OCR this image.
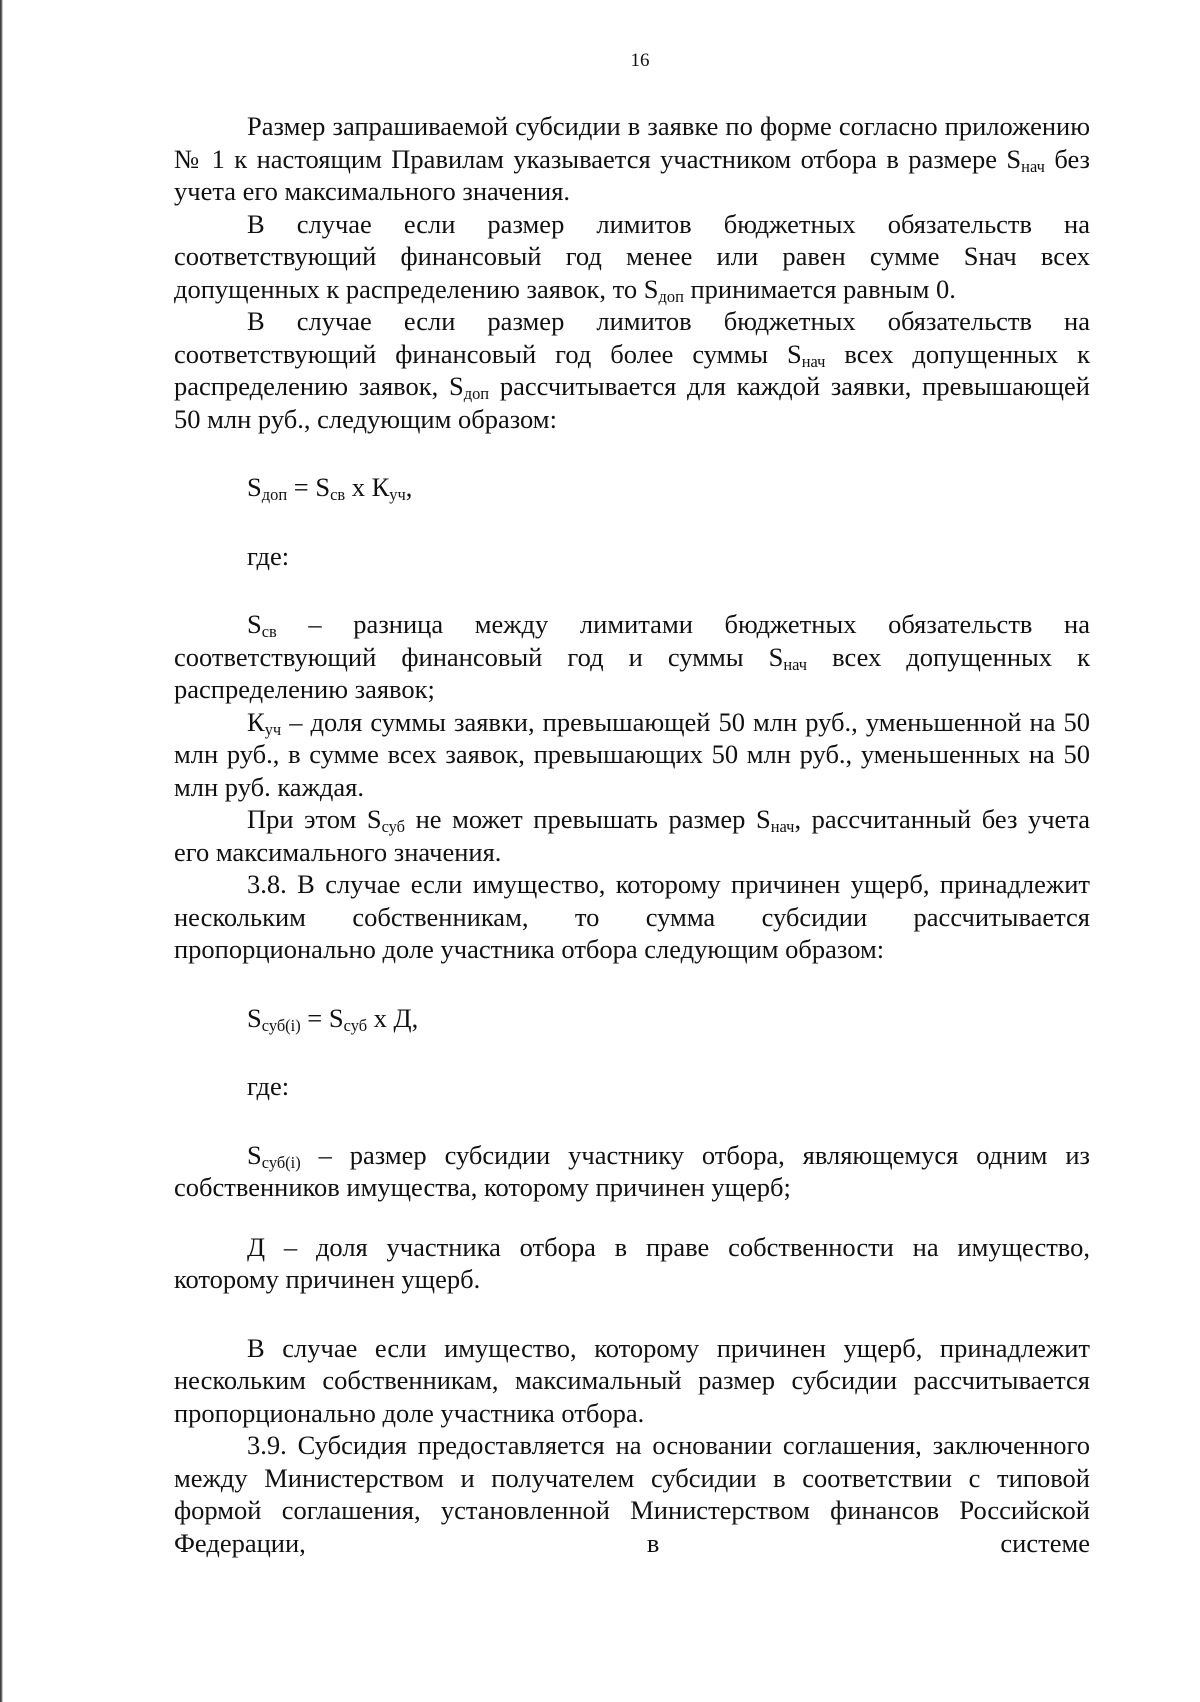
16

Размер запрашиваемой субсидии в заявке по форме согласно приложению № 1 к настоящим Правилам указывается участником отбора в размере $S_{нач}$ без учета его максимального значения.

В случае если размер лимитов бюджетных обязательств на соответствующий финансовый год менее или равен сумме Sнач всех допущенных к распределению заявок, то $S_{доп}$ принимается равным 0.

В случае если размер лимитов бюджетных обязательств на соответствующий финансовый год более суммы $S_{нач}$ всех допущенных к распределению заявок, $S_{доп}$ рассчитывается для каждой заявки, превышающей 50 млн руб., следующим образом:

$S_{доп} = S_{св}$ x $К_{уч}$,

где:

$S_{св}$ – разница между лимитами бюджетных обязательств на соответствующий финансовый год и суммы $S_{нач}$ всех допущенных к распределению заявок;

$К_{уч}$ – доля суммы заявки, превышающей 50 млн руб., уменьшенной на 50 млн руб., в сумме всех заявок, превышающих 50 млн руб., уменьшенных на 50 млн руб. каждая.

При этом $S_{суб}$ не может превышать размер $S_{нач}$, рассчитанный без учета его максимального значения.

3.8. В случае если имущество, которому причинен ущерб, принадлежит нескольким собственникам, то сумма субсидии рассчитывается пропорционально доле участника отбора следующим образом:

$S_{суб(i)} = S_{суб}$ x Д,

где:

$S_{суб(i)}$ – размер субсидии участнику отбора, являющемуся одним из собственников имущества, которому причинен ущерб;

Д – доля участника отбора в праве собственности на имущество, которому причинен ущерб.

В случае если имущество, которому причинен ущерб, принадлежит нескольким собственникам, максимальный размер субсидии рассчитывается пропорционально доле участника отбора.

3.9. Субсидия предоставляется на основании соглашения, заключенного между Министерством и получателем субсидии в соответствии с типовой формой соглашения, установленной Министерством финансов Российской Федерации, в системе
